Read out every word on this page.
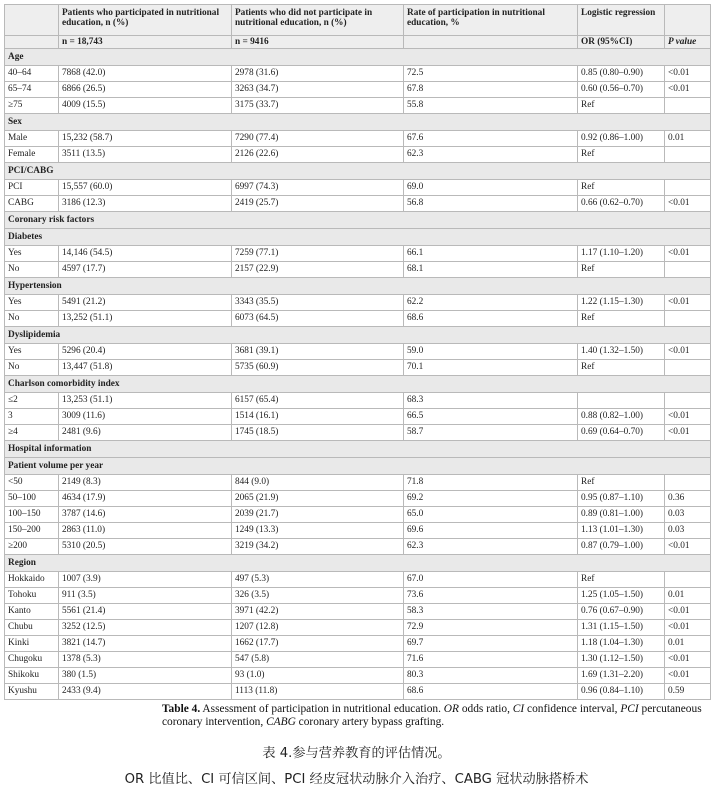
	Patients who participated in nutritional education, n (%)	Patients who did not participate in nutritional education, n (%)	Rate of participation in nutritional education, %	Logistic regression	
	n = 18,743	n = 9416		OR (95%CI)	P value
Age					
40–64	7868 (42.0)	2978 (31.6)	72.5	0.85 (0.80–0.90)	<0.01
65–74	6866 (26.5)	3263 (34.7)	67.8	0.60 (0.56–0.70)	<0.01
≥75	4009 (15.5)	3175 (33.7)	55.8	Ref	
Sex					
Male	15,232 (58.7)	7290 (77.4)	67.6	0.92 (0.86–1.00)	0.01
Female	3511 (13.5)	2126 (22.6)	62.3	Ref	
PCI/CABG					
PCI	15,557 (60.0)	6997 (74.3)	69.0	Ref	
CABG	3186 (12.3)	2419 (25.7)	56.8	0.66 (0.62–0.70)	<0.01
Coronary risk factors					
Diabetes					
Yes	14,146 (54.5)	7259 (77.1)	66.1	1.17 (1.10–1.20)	<0.01
No	4597 (17.7)	2157 (22.9)	68.1	Ref	
Hypertension					
Yes	5491 (21.2)	3343 (35.5)	62.2	1.22 (1.15–1.30)	<0.01
No	13,252 (51.1)	6073 (64.5)	68.6	Ref	
Dyslipidemia					
Yes	5296 (20.4)	3681 (39.1)	59.0	1.40 (1.32–1.50)	<0.01
No	13,447 (51.8)	5735 (60.9)	70.1	Ref	
Charlson comorbidity index					
≤2	13,253 (51.1)	6157 (65.4)	68.3		
3	3009 (11.6)	1514 (16.1)	66.5	0.88 (0.82–1.00)	<0.01
≥4	2481 (9.6)	1745 (18.5)	58.7	0.69 (0.64–0.70)	<0.01
Hospital information					
Patient volume per year					
<50	2149 (8.3)	844 (9.0)	71.8	Ref	
50–100	4634 (17.9)	2065 (21.9)	69.2	0.95 (0.87–1.10)	0.36
100–150	3787 (14.6)	2039 (21.7)	65.0	0.89 (0.81–1.00)	0.03
150–200	2863 (11.0)	1249 (13.3)	69.6	1.13 (1.01–1.30)	0.03
≥200	5310 (20.5)	3219 (34.2)	62.3	0.87 (0.79–1.00)	<0.01
Region					
Hokkaido	1007 (3.9)	497 (5.3)	67.0	Ref	
Tohoku	911 (3.5)	326 (3.5)	73.6	1.25 (1.05–1.50)	0.01
Kanto	5561 (21.4)	3971 (42.2)	58.3	0.76 (0.67–0.90)	<0.01
Chubu	3252 (12.5)	1207 (12.8)	72.9	1.31 (1.15–1.50)	<0.01
Kinki	3821 (14.7)	1662 (17.7)	69.7	1.18 (1.04–1.30)	0.01
Chugoku	1378 (5.3)	547 (5.8)	71.6	1.30 (1.12–1.50)	<0.01
Shikoku	380 (1.5)	93 (1.0)	80.3	1.69 (1.31–2.20)	<0.01
Kyushu	2433 (9.4)	1113 (11.8)	68.6	0.96 (0.84–1.10)	0.59
Table 4. Assessment of participation in nutritional education. OR odds ratio, CI confidence interval, PCI percutaneous coronary intervention, CABG coronary artery bypass grafting.
表 4.参与营养教育的评估情况。
OR 比值比、CI 可信区间、PCI 经皮冠状动脉介入治疗、CABG 冠状动脉搭桥术
